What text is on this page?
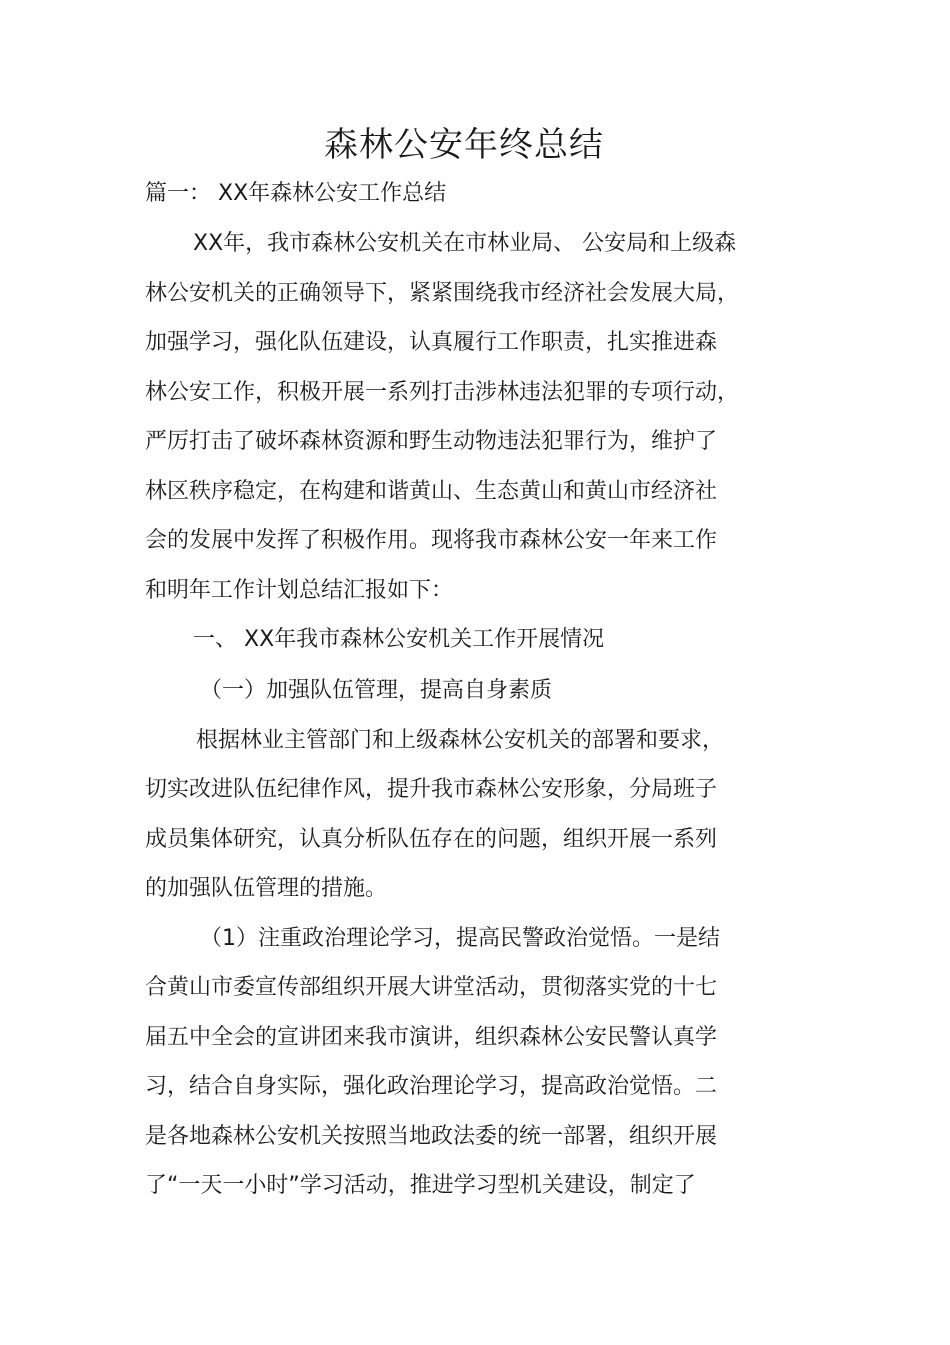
森林公安年终总结
篇一： XX年森林公安工作总结
XX年，我市森林公安机关在市林业局、 公安局和上级森
林公安机关的正确领导下，紧紧围绕我市经济社会发展大局，
加强学习，强化队伍建设，认真履行工作职责，扎实推进森
林公安工作，积极开展一系列打击涉林违法犯罪的专项行动，
严厉打击了破坏森林资源和野生动物违法犯罪行为，维护了
林区秩序稳定，在构建和谐黄山、生态黄山和黄山市经济社
会的发展中发挥了积极作用。现将我市森林公安一年来工作
和明年工作计划总结汇报如下：
一、 XX年我市森林公安机关工作开展情况
（一）加强队伍管理，提高自身素质
根据林业主管部门和上级森林公安机关的部署和要求，
切实改进队伍纪律作风，提升我市森林公安形象，分局班子
成员集体研究，认真分析队伍存在的问题，组织开展一系列
的加强队伍管理的措施。
（1）注重政治理论学习，提高民警政治觉悟。一是结
合黄山市委宣传部组织开展大讲堂活动，贯彻落实党的十七
届五中全会的宣讲团来我市演讲，组织森林公安民警认真学
习，结合自身实际，强化政治理论学习，提高政治觉悟。二
是各地森林公安机关按照当地政法委的统一部署，组织开展
了“一天一小时”学习活动，推进学习型机关建设，制定了
